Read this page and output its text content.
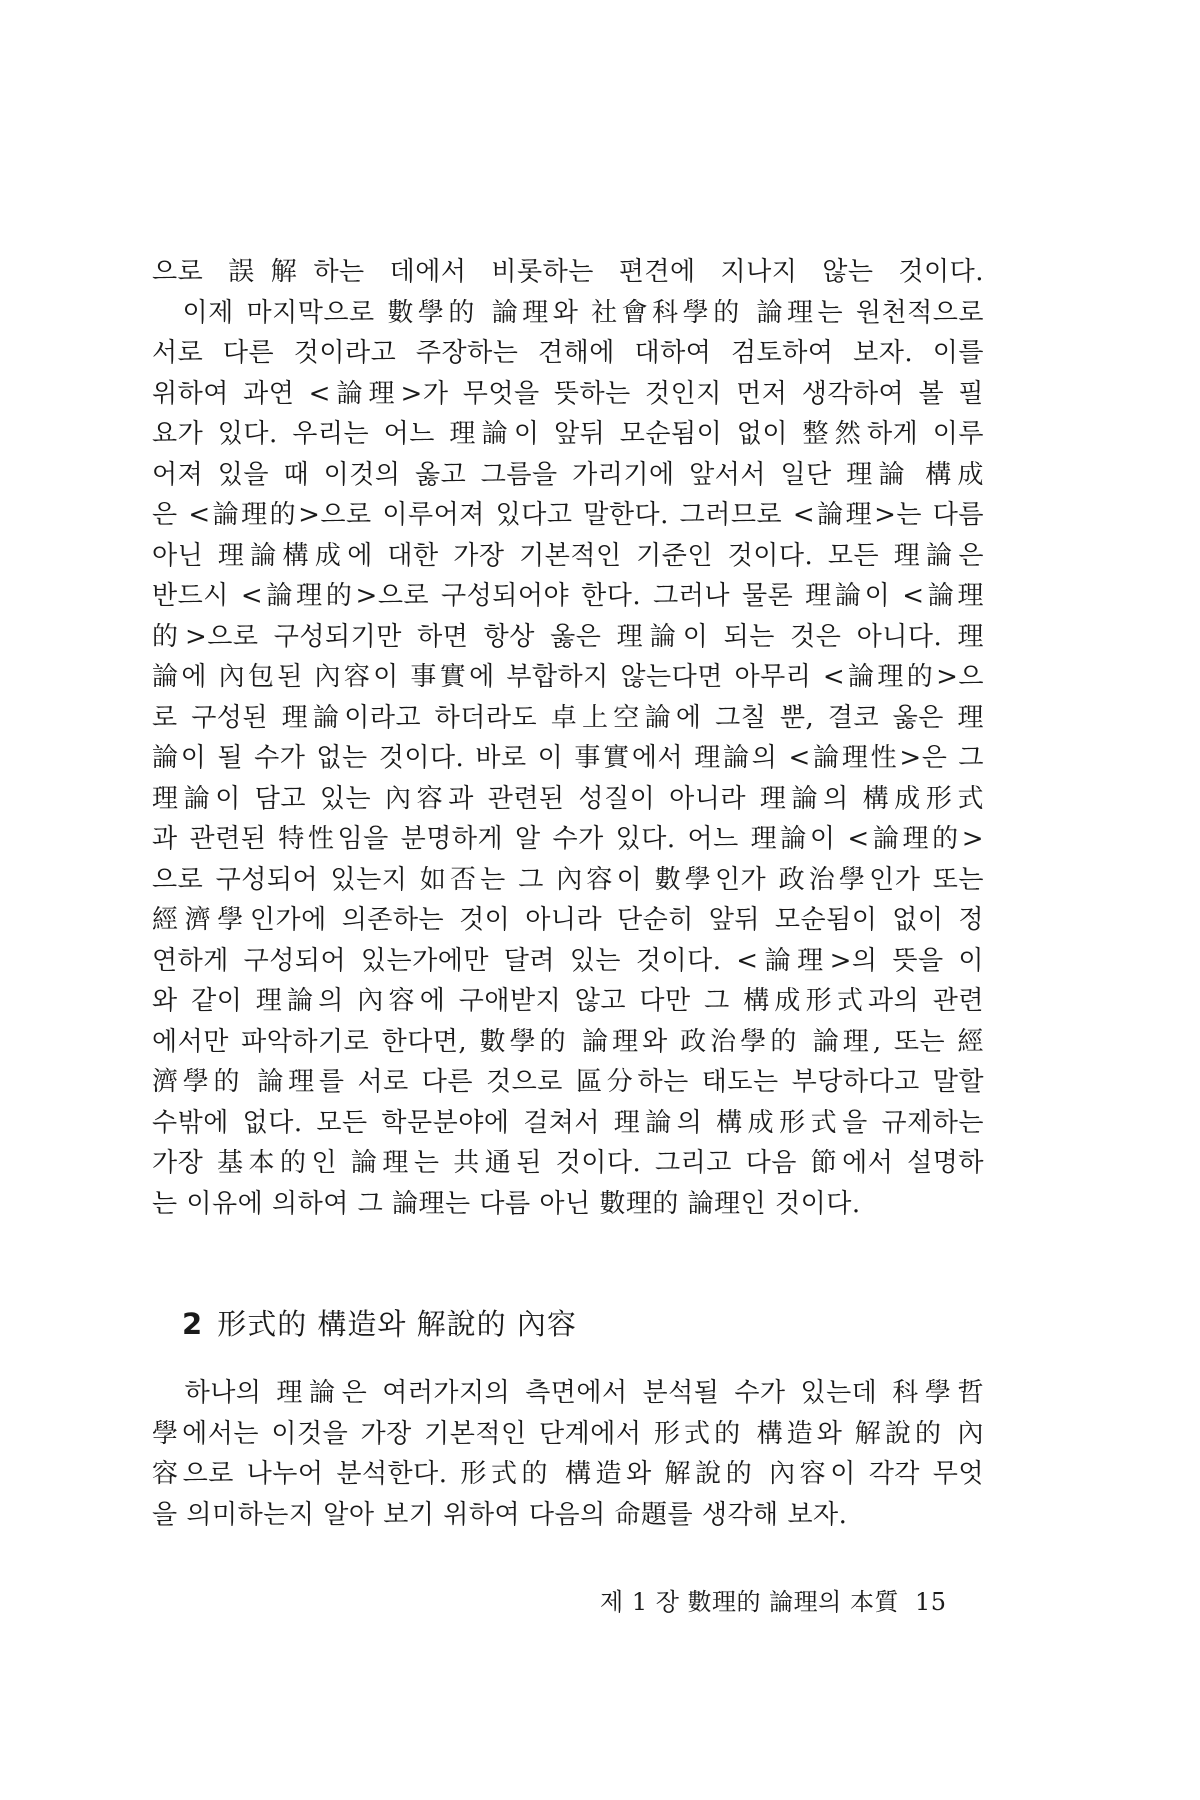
으로 誤解하는 데에서 비롯하는 편견에 지나지 않는 것이다.
　이제 마지막으로 數學的 論理와 社會科學的 論理는 원천적으로
서로 다른 것이라고 주장하는 견해에 대하여 검토하여 보자. 이를
위하여 과연 <論理>가 무엇을 뜻하는 것인지 먼저 생각하여 볼 필
요가 있다. 우리는 어느 理論이 앞뒤 모순됨이 없이 整然하게 이루
어져 있을 때 이것의 옳고 그름을 가리기에 앞서서 일단 理論 構成
은 <論理的>으로 이루어져 있다고 말한다. 그러므로 <論理>는 다름
아닌 理論構成에 대한 가장 기본적인 기준인 것이다. 모든 理論은
반드시 <論理的>으로 구성되어야 한다. 그러나 물론 理論이 <論理
的>으로 구성되기만 하면 항상 옳은 理論이 되는 것은 아니다. 理
論에 內包된 內容이 事實에 부합하지 않는다면 아무리 <論理的>으
로 구성된 理論이라고 하더라도 卓上空論에 그칠 뿐, 결코 옳은 理
論이 될 수가 없는 것이다. 바로 이 事實에서 理論의 <論理性>은 그
理論이 담고 있는 內容과 관련된 성질이 아니라 理論의 構成形式
과 관련된 特性임을 분명하게 알 수가 있다. 어느 理論이 <論理的>
으로 구성되어 있는지 如否는 그 內容이 數學인가 政治學인가 또는
經濟學인가에 의존하는 것이 아니라 단순히 앞뒤 모순됨이 없이 정
연하게 구성되어 있는가에만 달려 있는 것이다. <論理>의 뜻을 이
와 같이 理論의 內容에 구애받지 않고 다만 그 構成形式과의 관련
에서만 파악하기로 한다면, 數學的 論理와 政治學的 論理, 또는 經
濟學的 論理를 서로 다른 것으로 區分하는 태도는 부당하다고 말할
수밖에 없다. 모든 학문분야에 걸쳐서 理論의 構成形式을 규제하는
가장 基本的인 論理는 共通된 것이다. 그리고 다음 節에서 설명하
는 이유에 의하여 그 論理는 다름 아닌 數理的 論理인 것이다.
2 形式的 構造와 解說的 內容
　하나의 理論은 여러가지의 측면에서 분석될 수가 있는데 科學哲
學에서는 이것을 가장 기본적인 단계에서 形式的 構造와 解說的 內
容으로 나누어 분석한다. 形式的 構造와 解說的 內容이 각각 무엇
을 의미하는지 알아 보기 위하여 다음의 命題를 생각해 보자.
제 1 장 數理的 論理의 本質 15
